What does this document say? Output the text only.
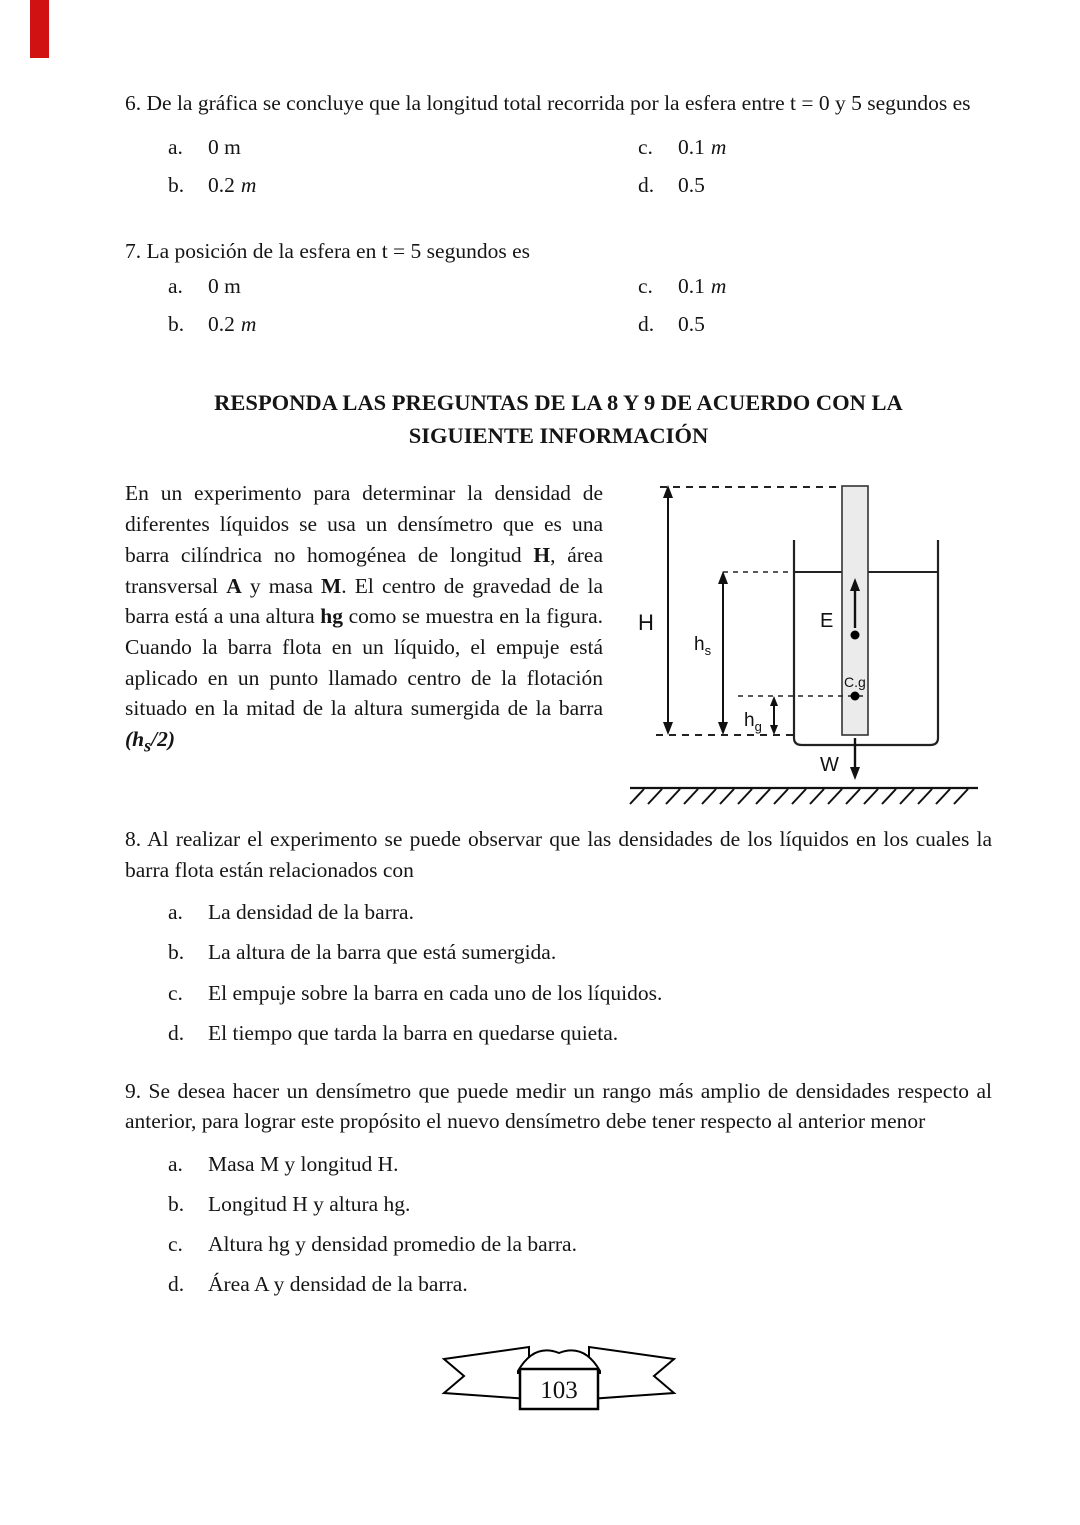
6. De la gráfica se concluye que la longitud total recorrida por la esfera entre t = 0 y 5 segundos es

a. 0 m	c. 0.1 m
b. 0.2 m	d. 0.5

7. La posición de la esfera en t = 5 segundos es

a. 0 m	c. 0.1 m
b. 0.2 m	d. 0.5
RESPONDA LAS PREGUNTAS DE LA 8 Y 9 DE ACUERDO CON LA
SIGUIENTE INFORMACIÓN

En un experimento para determinar la densidad de diferentes líquidos se usa un densímetro que es una barra cilíndrica no homogénea de longitud H, área transversal A y masa M. El centro de gravedad de la barra está a una altura hg como se muestra en la figura. Cuando la barra flota en un líquido, el empuje está aplicado en un punto llamado centro de la flotación situado en la mitad de la altura sumergida de la barra $(h_s/2)$

H
$h_s$
$h_g$
E
C.g
W

8. Al realizar el experimento se puede observar que las densidades de los líquidos en los cuales la barra flota están relacionados con

a. La densidad de la barra.
b. La altura de la barra que está sumergida.
c. El empuje sobre la barra en cada uno de los líquidos.
d. El tiempo que tarda la barra en quedarse quieta.

9. Se desea hacer un densímetro que puede medir un rango más amplio de densidades respecto al anterior, para lograr este propósito el nuevo densímetro debe tener respecto al anterior menor

a. Masa M y longitud H.
b. Longitud H y altura hg.
c. Altura hg y densidad promedio de la barra.
d. Área A y densidad de la barra.
103
